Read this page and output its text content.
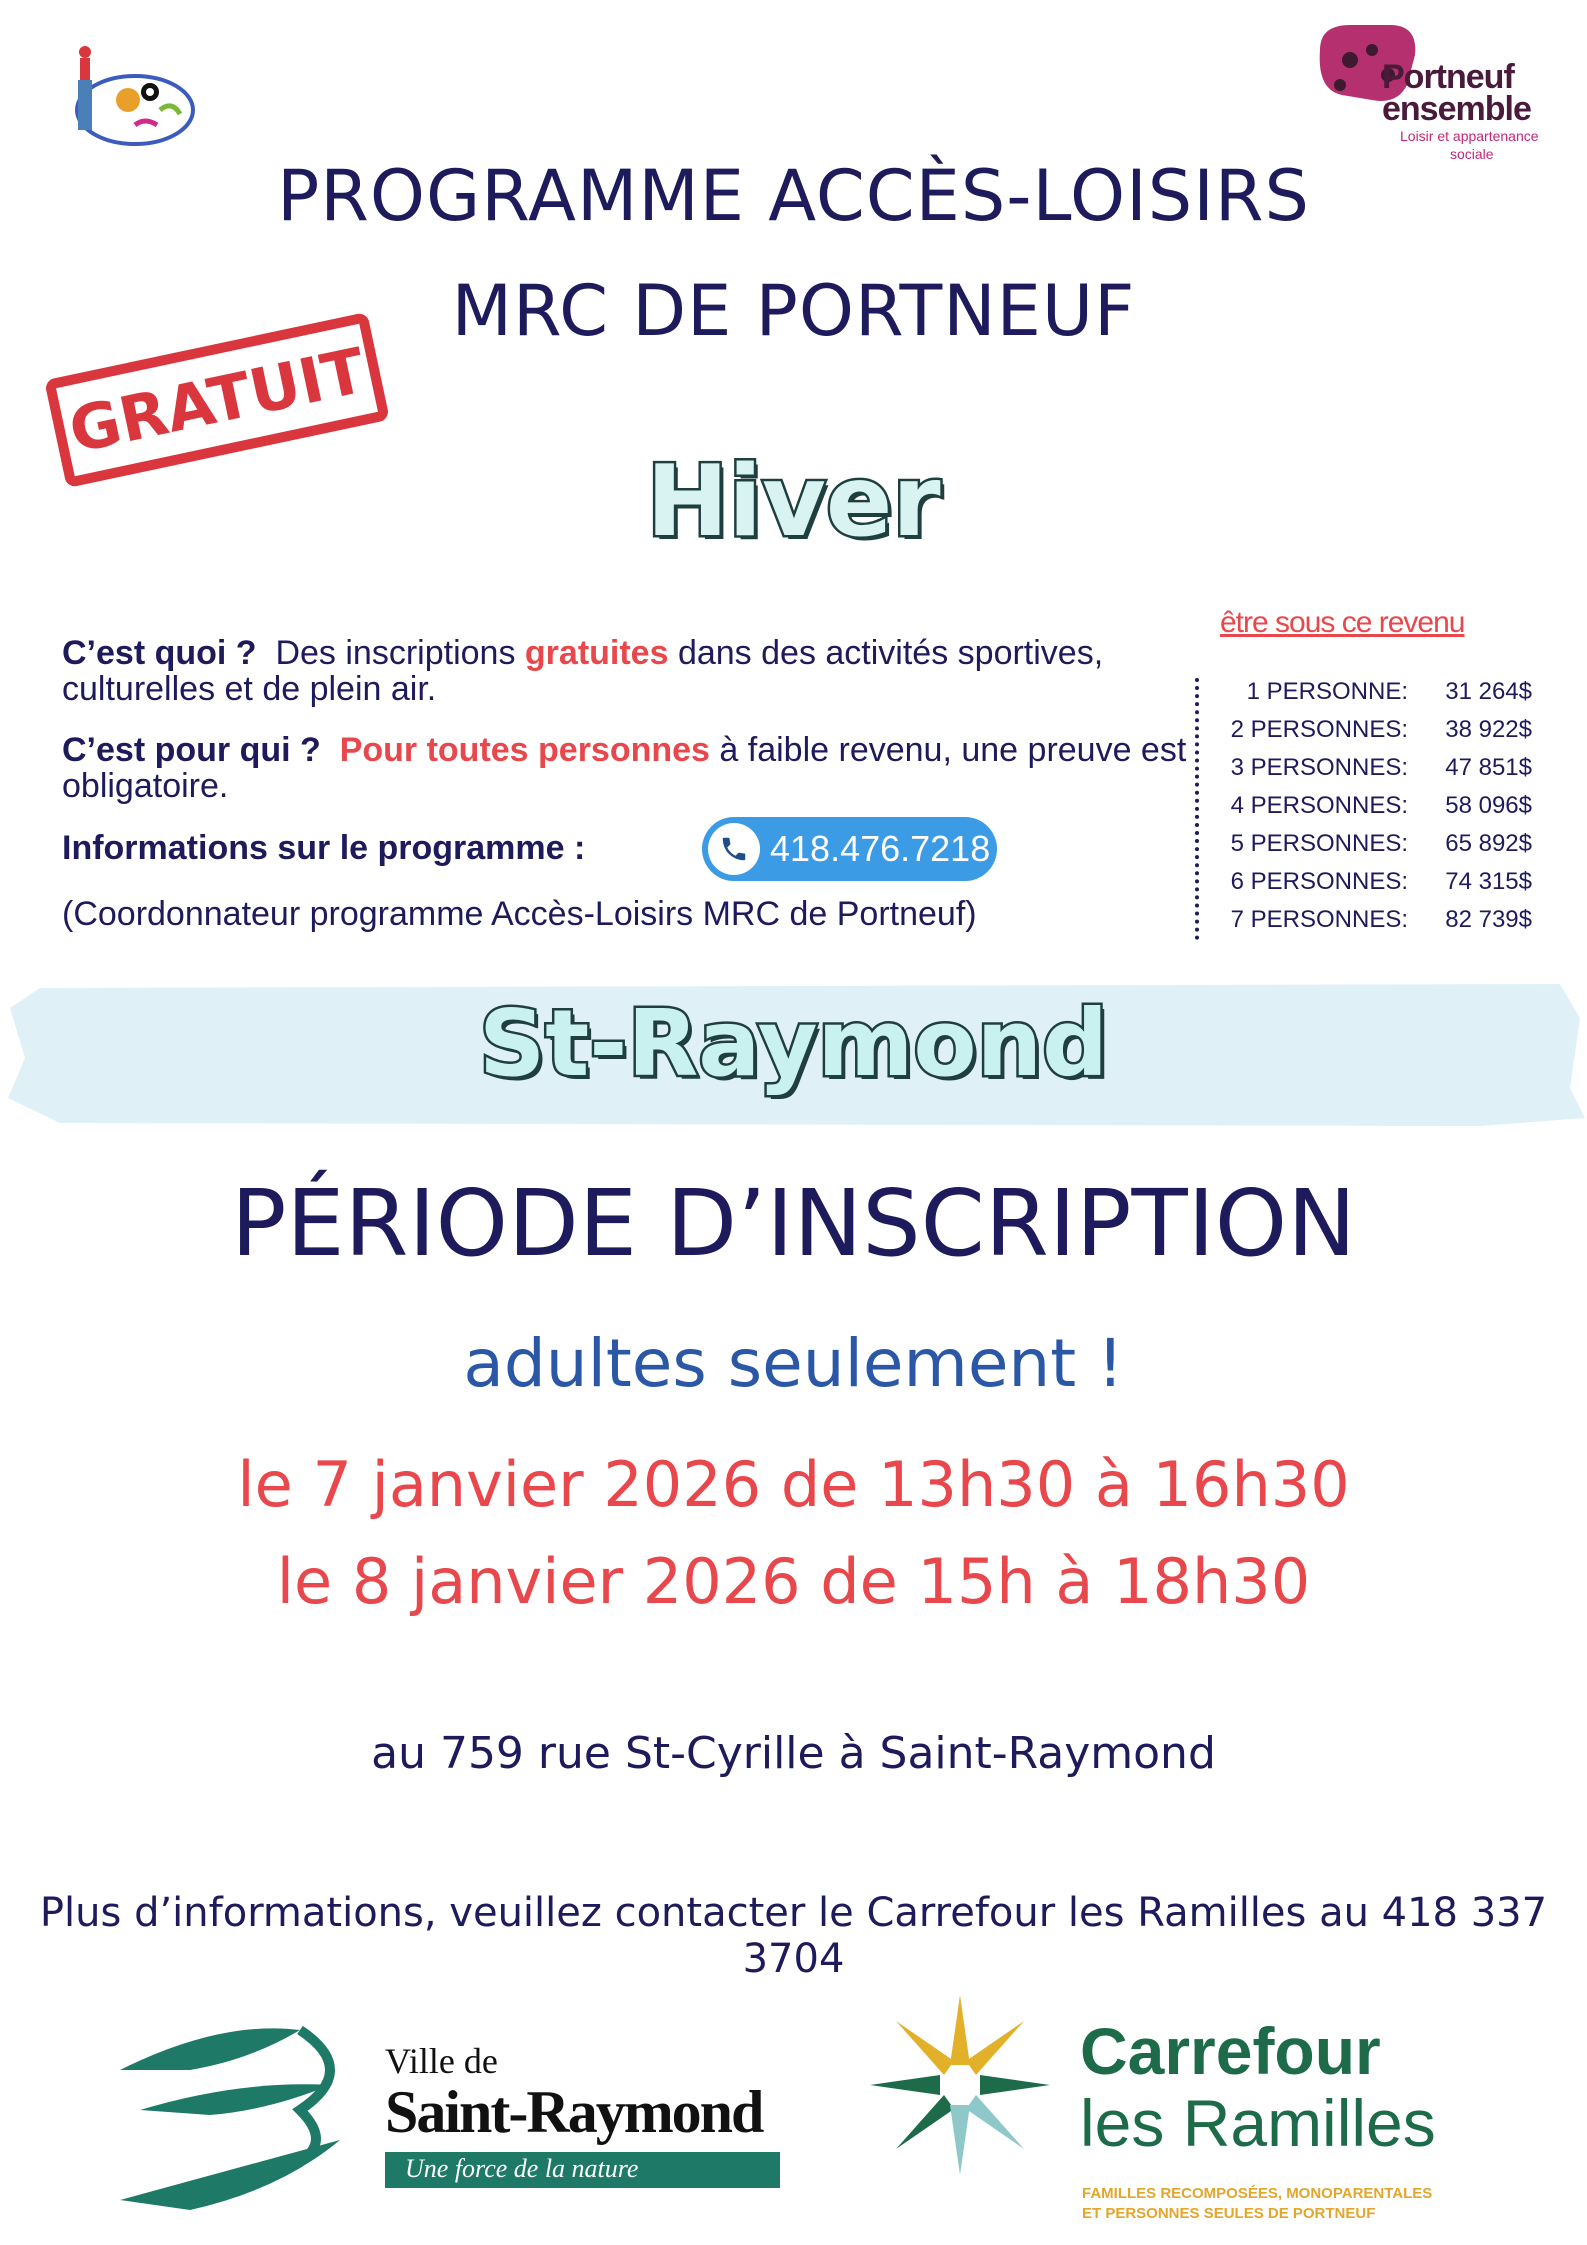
Portneuf
ensemble
Loisir et appartenance
sociale
PROGRAMME ACCÈS-LOISIRS
MRC DE PORTNEUF
GRATUIT
Hiver
C’est quoi ? Des inscriptions gratuites dans des activités sportives, culturelles et de plein air.
C’est pour qui ? Pour toutes personnes à faible revenu, une preuve est obligatoire.
Informations sur le programme :	418.476.7218
(Coordonnateur programme Accès-Loisirs MRC de Portneuf)
être sous ce revenu
1 PERSONNE: 31 264$
2 PERSONNES: 38 922$
3 PERSONNES: 47 851$
4 PERSONNES: 58 096$
5 PERSONNES: 65 892$
6 PERSONNES: 74 315$
7 PERSONNES: 82 739$
St-Raymond
PÉRIODE D’INSCRIPTION
adultes seulement !
le 7 janvier 2026 de 13h30 à 16h30
le 8 janvier 2026 de 15h à 18h30
au 759 rue St-Cyrille à Saint-Raymond
Plus d’informations, veuillez contacter le Carrefour les Ramilles au 418 337 3704
Ville de
Saint-Raymond
Une force de la nature
Carrefour
les Ramilles
FAMILLES RECOMPOSÉES, MONOPARENTALES
ET PERSONNES SEULES DE PORTNEUF
